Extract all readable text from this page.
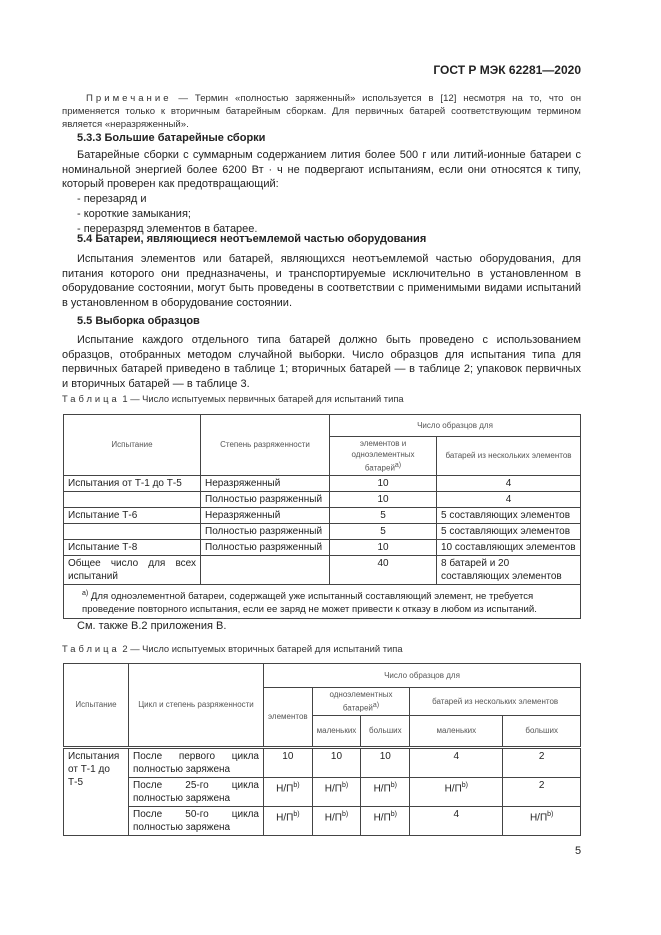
ГОСТ Р МЭК 62281—2020
Примечание — Термин «полностью заряженный» используется в [12] несмотря на то, что он применяется только к вторичным батарейным сборкам. Для первичных батарей соответствующим термином является «неразряженный».
5.3.3 Большие батарейные сборки
Батарейные сборки с суммарным содержанием лития более 500 г или литий-ионные батареи с номинальной энергией более 6200 Вт · ч не подвергают испытаниям, если они относятся к типу, который проверен как предотвращающий:
- перезаряд и
- короткие замыкания;
- переразряд элементов в батарее.
5.4 Батареи, являющиеся неотъемлемой частью оборудования
Испытания элементов или батарей, являющихся неотъемлемой частью оборудования, для питания которого они предназначены, и транспортируемые исключительно в установленном в оборудование состоянии, могут быть проведены в соответствии с применимыми видами испытаний в установленном в оборудование состоянии.
5.5 Выборка образцов
Испытание каждого отдельного типа батарей должно быть проведено с использованием образцов, отобранных методом случайной выборки. Число образцов для испытания типа для первичных батарей приведено в таблице 1; вторичных батарей — в таблице 2; упаковок первичных и вторичных батарей — в таблице 3.
Таблица 1 — Число испытуемых первичных батарей для испытаний типа
Испытание	Степень разряженности	Число образцов для	
		элементов и одноэлементных батарей$^{a)}$	батарей из нескольких элементов
Испытания от Т-1 до Т-5	Неразряженный	10	4
	Полностью разряженный	10	4
Испытание Т-6	Неразряженный	5	5 составляющих элементов
	Полностью разряженный	5	5 составляющих элементов
Испытание Т-8	Полностью разряженный	10	10 составляющих элементов
Общее число для всех испытаний		40	8 батарей и 20 составляющих элементов
$^{a)}$ Для одноэлементной батареи, содержащей уже испытанный составляющий элемент, не требуется проведение повторного испытания, если ее заряд не может привести к отказу в любом из испытаний.			
См. также В.2 приложения В.
Таблица 2 — Число испытуемых вторичных батарей для испытаний типа
Испытание	Цикл и степень разряженности	Число образцов для				
		элементов	одноэлементных батарей$^{a)}$		батарей из нескольких элементов	
			маленьких	больших	маленьких	больших
Испытания от Т-1 до Т-5	После первого цикла полностью заряжена	10	10	10	4	2
	После 25-го цикла полностью заряжена	$Н/П^{b)}$	$Н/П^{b)}$	$Н/П^{b)}$	$Н/П^{b)}$	2
	После 50-го цикла полностью заряжена	$Н/П^{b)}$	$Н/П^{b)}$	$Н/П^{b)}$	4	$Н/П^{b)}$
5
